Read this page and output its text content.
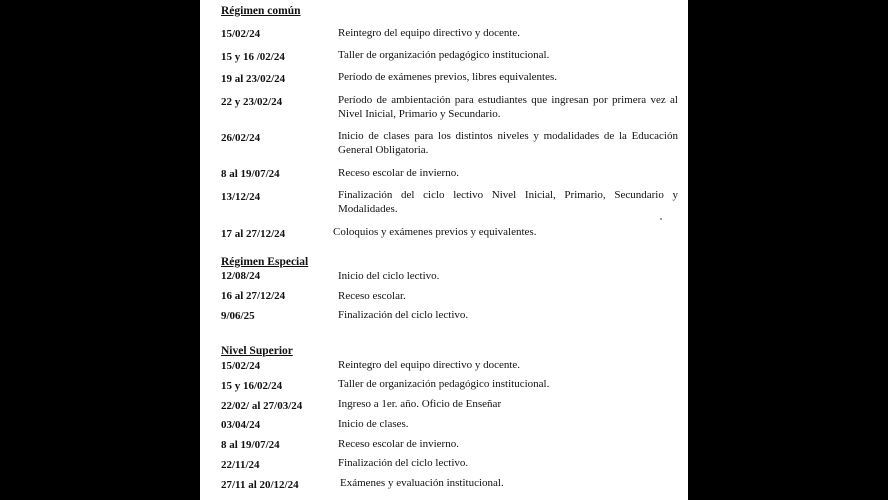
Régimen común
15/02/24	Reintegro del equipo directivo y docente.
15 y 16 /02/24	Taller de organización pedagógico institucional.
19 al 23/02/24	Período de exámenes previos, libres equivalentes.
22 y 23/02/24	Período de ambientación para estudiantes que ingresan por primera vez al Nivel Inicial, Primario y Secundario.
26/02/24	Inicio de clases para los distintos niveles y modalidades de la Educación General Obligatoria.
8 al 19/07/24	Receso escolar de invierno.
13/12/24	Finalización del ciclo lectivo Nivel Inicial, Primario, Secundario y Modalidades.
17 al 27/12/24	Coloquios y exámenes previos y equivalentes.
Régimen Especial
12/08/24	Inicio del ciclo lectivo.
16 al 27/12/24	Receso escolar.
9/06/25	Finalización del ciclo lectivo.
Nivel Superior
15/02/24	Reintegro del equipo directivo y docente.
15 y 16/02/24	Taller de organización pedagógico institucional.
22/02/ al 27/03/24	Ingreso a 1er. año. Oficio de Enseñar
03/04/24	Inicio de clases.
8 al 19/07/24	Receso escolar de invierno.
22/11/24	Finalización del ciclo lectivo.
27/11 al 20/12/24	Exámenes y evaluación institucional.
